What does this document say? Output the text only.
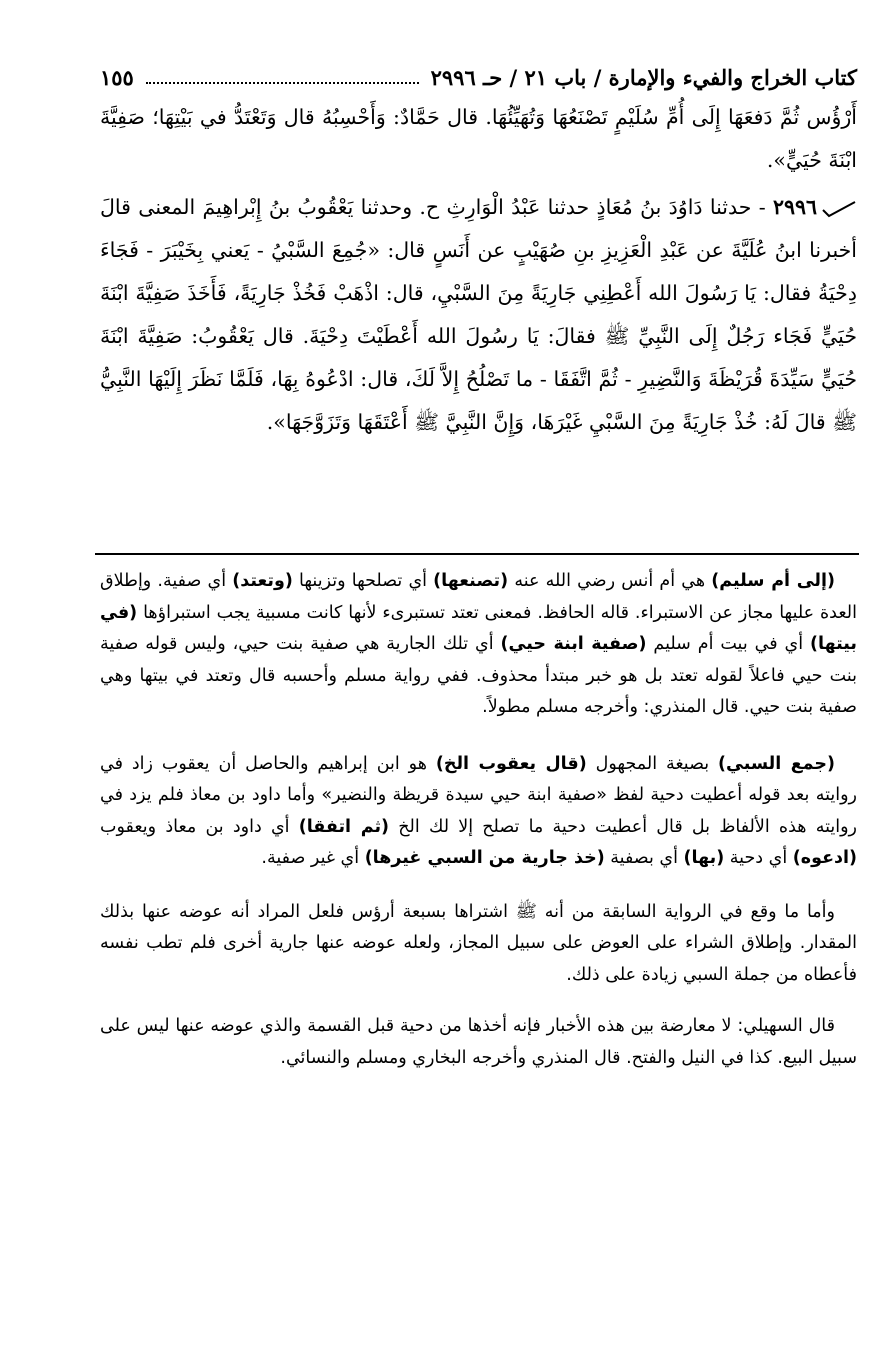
كتاب الخراج والفيء والإمارة / باب ٢١ / حـ ٢٩٩٦
١٥٥

أَرْؤُس ثُمَّ دَفعَهَا إِلَى أُمِّ سُلَيْمٍ تَصْنَعُهَا وَتُهَيِّئُهَا. قال حَمَّادٌ: وَأَحْسِبُهُ قال وَتَعْتَدُّ في بَيْتِهَا؛ صَفِيَّةَ ابْنَةَ حُيَيٍّ».

٢٩٩٦ - حدثنا دَاوُدَ بنُ مُعَاذٍ حدثنا عَبْدُ الْوَارِثِ ح. وحدثنا يَعْقُوبُ بنُ إِبْراهِيمَ المعنى قالَ أخبرنا ابنُ عُلَيَّةَ عن عَبْدِ الْعَزِيزِ بنِ صُهَيْبٍ عن أَنَسٍ قال: «جُمِعَ السَّبْيُ - يَعني بِخَيْبَرَ - فَجَاءَ دِحْيَةُ فقال: يَا رَسُولَ الله أَعْطِنِي جَارِيَةً مِنَ السَّبْيِ، قال: اذْهَبْ فَخُذْ جَارِيَةً، فَأَخَذَ صَفِيَّةَ ابْنَةَ حُيَيٍّ فَجَاء رَجُلٌ إِلَى النَّبِيِّ ﷺ فقالَ: يَا رسُولَ الله أَعْطَيْتَ دِحْيَةَ. قال يَعْقُوبُ: صَفِيَّةَ ابْنَةَ حُيَيٍّ سَيِّدَةَ قُرَيْظَةَ وَالنَّضِيرِ - ثُمَّ اتَّفَقَا - ما تَصْلُحُ إِلاَّ لَكَ، قال: ادْعُوهُ بِهَا، فَلَمَّا نَظَرَ إِلَيْهَا النَّبِيُّ ﷺ قالَ لَهُ: خُذْ جَارِيَةً مِنَ السَّبْيِ غَيْرَهَا، وَإِنَّ النَّبِيَّ ﷺ أَعْتَقَهَا وَتَزَوَّجَهَا».

(إلى أم سليم) هي أم أنس رضي الله عنه (تصنعها) أي تصلحها وتزينها (وتعتد) أي صفية. وإطلاق العدة عليها مجاز عن الاستبراء. قاله الحافظ. فمعنى تعتد تستبرىء لأنها كانت مسبية يجب استبراؤها (في بيتها) أي في بيت أم سليم (صفية ابنة حيي) أي تلك الجارية هي صفية بنت حيي، وليس قوله صفية بنت حيي فاعلاً لقوله تعتد بل هو خبر مبتدأ محذوف. ففي رواية مسلم وأحسبه قال وتعتد في بيتها وهي صفية بنت حيي. قال المنذري: وأخرجه مسلم مطولاً.

(جمع السبي) بصيغة المجهول (قال يعقوب الخ) هو ابن إبراهيم والحاصل أن يعقوب زاد في روايته بعد قوله أعطيت دحية لفظ «صفية ابنة حيي سيدة قريظة والنضير» وأما داود بن معاذ فلم يزد في روايته هذه الألفاظ بل قال أعطيت دحية ما تصلح إلا لك الخ (ثم اتفقا) أي داود بن معاذ ويعقوب (ادعوه) أي دحية (بها) أي بصفية (خذ جارية من السبي غيرها) أي غير صفية.

وأما ما وقع في الرواية السابقة من أنه ﷺ اشتراها بسبعة أرؤس فلعل المراد أنه عوضه عنها بذلك المقدار. وإطلاق الشراء على العوض على سبيل المجاز، ولعله عوضه عنها جارية أخرى فلم تطب نفسه فأعطاه من جملة السبي زيادة على ذلك.

قال السهيلي: لا معارضة بين هذه الأخبار فإنه أخذها من دحية قبل القسمة والذي عوضه عنها ليس على سبيل البيع. كذا في النيل والفتح. قال المنذري وأخرجه البخاري ومسلم والنسائي.
